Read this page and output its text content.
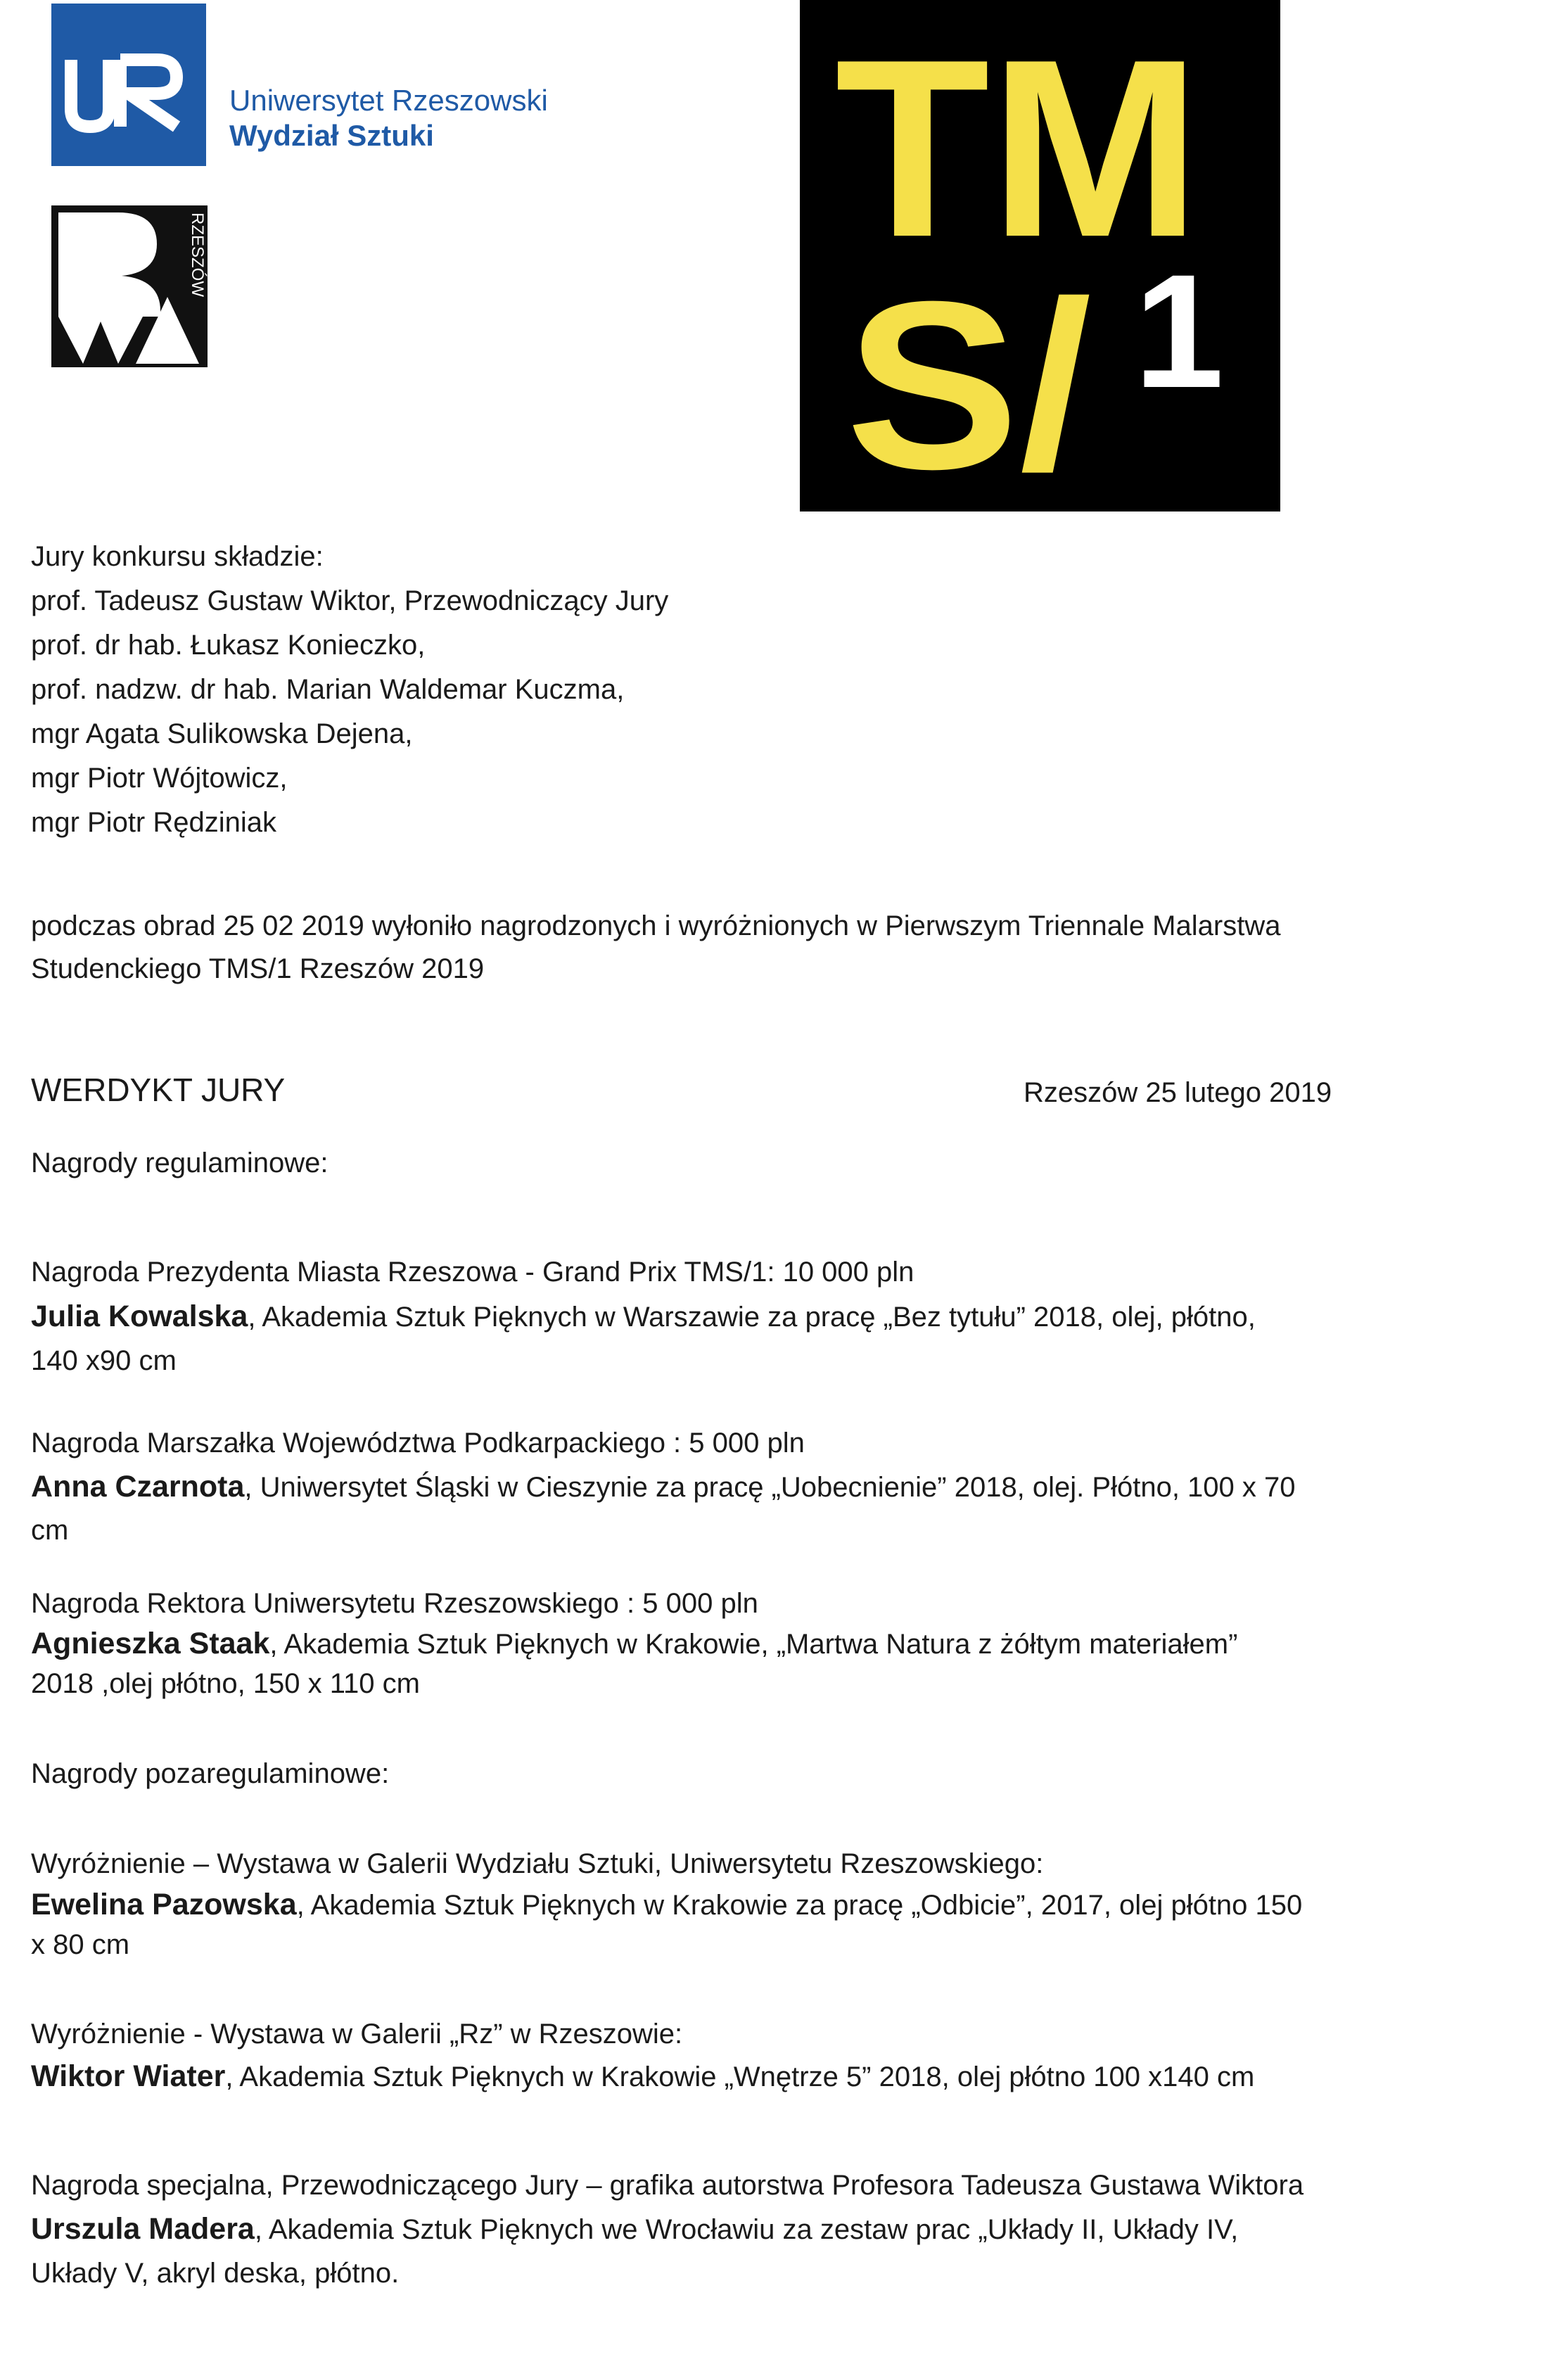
Uniwersytet Rzeszowski
Wydział Sztuki
RZESZÓW TM
S/ 1
Jury konkursu składzie:
prof. Tadeusz Gustaw Wiktor, Przewodniczący Jury
prof. dr hab. Łukasz Konieczko,
prof. nadzw. dr hab. Marian Waldemar Kuczma,
mgr Agata Sulikowska Dejena,
mgr Piotr Wójtowicz,
mgr Piotr Rędziniak
podczas obrad 25 02 2019 wyłoniło nagrodzonych i wyróżnionych w Pierwszym Triennale Malarstwa
Studenckiego TMS/1 Rzeszów 2019
WERDYKT JURY	Rzeszów 25 lutego 2019
Nagrody regulaminowe:
Nagroda Prezydenta Miasta Rzeszowa - Grand Prix TMS/1: 10 000 pln
Julia Kowalska, Akademia Sztuk Pięknych w Warszawie za pracę „Bez tytułu” 2018, olej, płótno,
140 x90 cm
Nagroda Marszałka Województwa Podkarpackiego : 5 000 pln
Anna Czarnota, Uniwersytet Śląski w Cieszynie za pracę „Uobecnienie” 2018, olej. Płótno, 100 x 70
cm
Nagroda Rektora Uniwersytetu Rzeszowskiego : 5 000 pln
Agnieszka Staak, Akademia Sztuk Pięknych w Krakowie, „Martwa Natura z żółtym materiałem”
2018 ,olej płótno, 150 x 110 cm
Nagrody pozaregulaminowe:
Wyróżnienie – Wystawa w Galerii Wydziału Sztuki, Uniwersytetu Rzeszowskiego:
Ewelina Pazowska, Akademia Sztuk Pięknych w Krakowie za pracę „Odbicie”, 2017, olej płótno 150
x 80 cm
Wyróżnienie - Wystawa w Galerii „Rz” w Rzeszowie:
Wiktor Wiater, Akademia Sztuk Pięknych w Krakowie „Wnętrze 5” 2018, olej płótno 100 x140 cm
Nagroda specjalna, Przewodniczącego Jury – grafika autorstwa Profesora Tadeusza Gustawa Wiktora
Urszula Madera, Akademia Sztuk Pięknych we Wrocławiu za zestaw prac „Układy II, Układy IV,
Układy V, akryl deska, płótno.
